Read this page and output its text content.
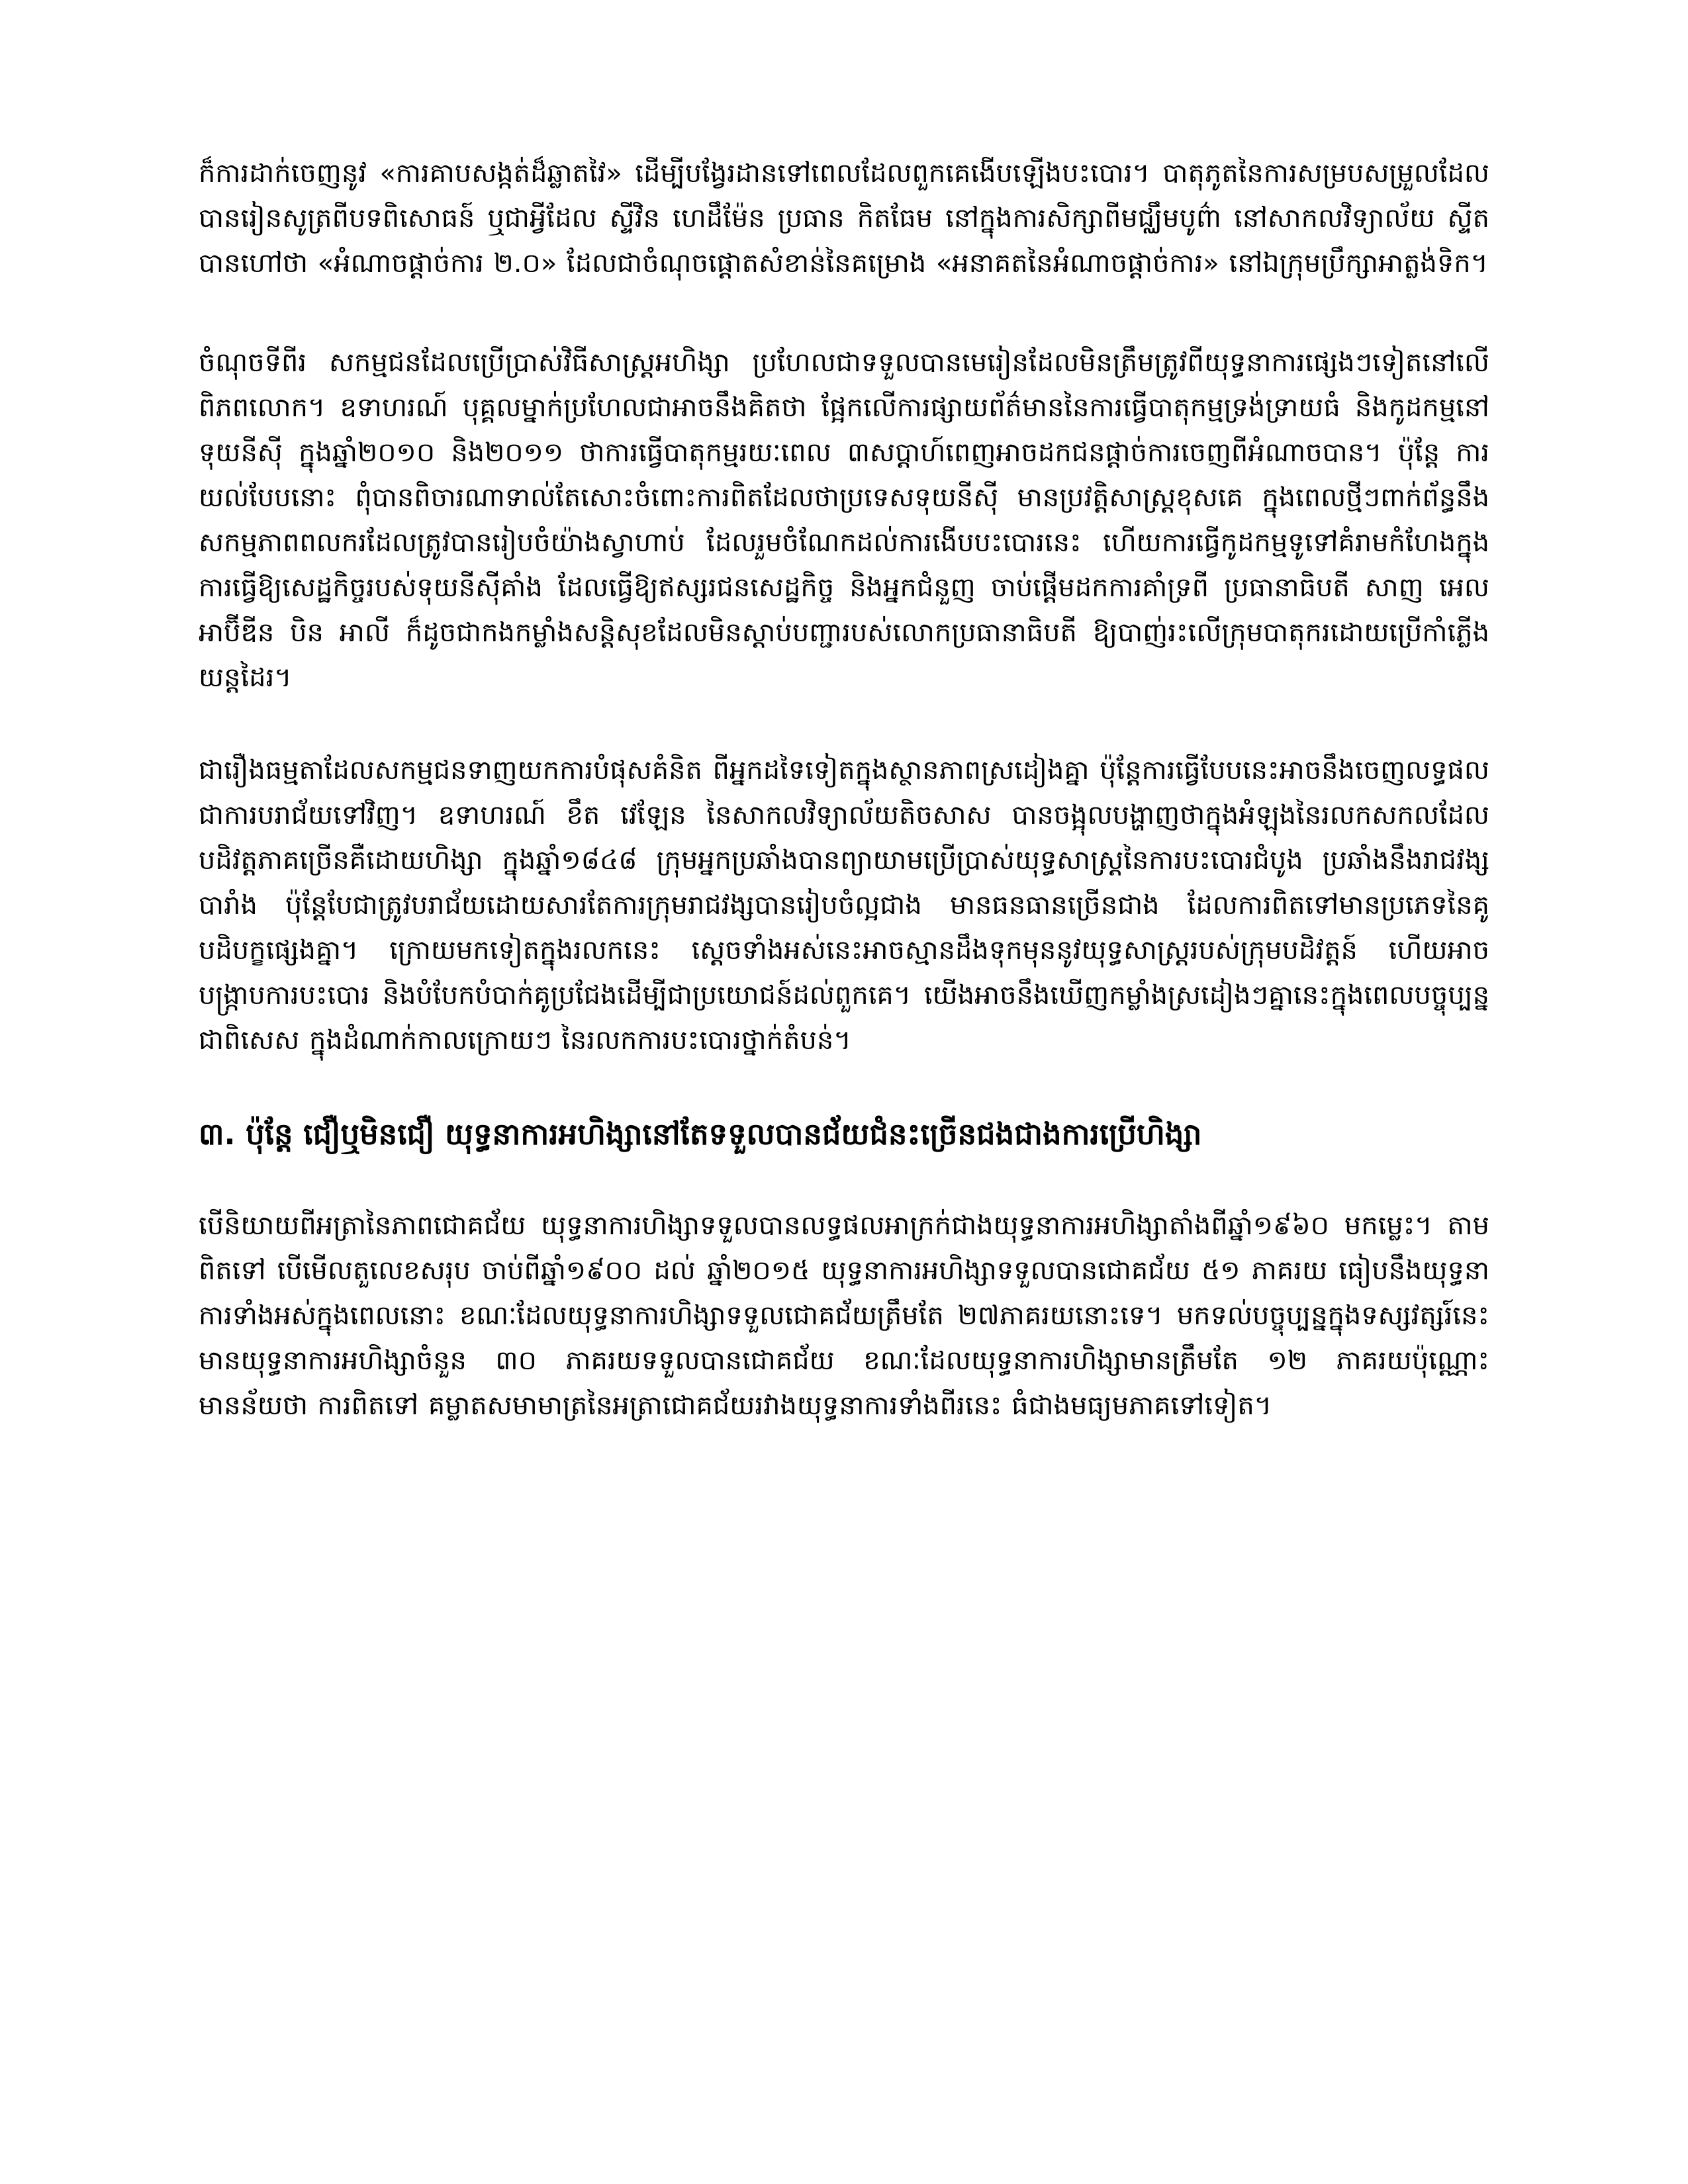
ក៏ការដាក់ចេញនូវ «ការគាបសង្កត់ដ៏ឆ្លាតវៃ» ដើម្បីបង្វែរដានទៅពេលដែលពួកគេងើបឡើងបះបោរ។ បាតុភូតនៃការសម្របសម្រួលដែលបានរៀនសូត្រពីបទពិសោធន៍ ឬជាអ្វីដែល ស្ទីវិន ហេដឹម៉ែន ប្រធាន កិតធែម នៅក្នុងការសិក្សាពីមជ្ឈឹមបូព៌ា នៅសាកលវិទ្យាល័យ ស្ទីត បានហៅថា «អំណាចផ្តាច់ការ ២.០» ដែលជាចំណុចផ្តោតសំខាន់នៃគម្រោង «អនាគតនៃអំណាចផ្តាច់ការ» នៅឯក្រុមប្រឹក្សាអាត្លង់ទិក។

ចំណុចទីពីរ សកម្មជនដែលប្រើប្រាស់វិធីសាស្ត្រអហិង្សា ប្រហែលជាទទួលបានមេរៀនដែលមិនត្រឹមត្រូវពីយុទ្ធនាការផ្សេងៗទៀតនៅលើពិភពលោក។ ឧទាហរណ៍ បុគ្គលម្នាក់ប្រហែលជាអាចនឹងគិតថា ផ្អែកលើការផ្សាយព័ត៌មាននៃការធ្វើបាតុកម្មទ្រង់ទ្រាយធំ និងកូដកម្មនៅ ទុយនីស៊ី ក្នុងឆ្នាំ២០១០ និង២០១១ ថាការធ្វើបាតុកម្មរយៈពេល ៣សប្តាហ៍ពេញអាចដកជនផ្តាច់ការចេញពីអំណាចបាន។ ប៉ុន្តែ ការយល់បែបនោះ ពុំបានពិចារណាទាល់តែសោះចំពោះការពិតដែលថាប្រទេសទុយនីស៊ី មានប្រវត្តិសាស្ត្រខុសគេ ក្នុងពេលថ្មីៗពាក់ព័ន្ធនឹងសកម្មភាពពលករដែលត្រូវបានរៀបចំយ៉ាងស្វាហាប់ ដែលរួមចំណែកដល់ការងើបបះបោរនេះ ហើយការធ្វើកូដកម្មទូទៅគំរាមកំហែងក្នុងការធ្វើឱ្យសេដ្ឋកិច្ចរបស់ទុយនីស៊ីគាំង ដែលធ្វើឱ្យឥស្សរជនសេដ្ឋកិច្ច និងអ្នកជំនួញ ចាប់ផ្តើមដកការគាំទ្រពី ប្រធានាធិបតី សាញ អេល អាប៊ីឌីន បិន អាលី ក៏ដូចជាកងកម្លាំងសន្តិសុខដែលមិនស្តាប់បញ្ជារបស់លោកប្រធានាធិបតី ឱ្យបាញ់រះលើក្រុមបាតុករដោយប្រើកាំភ្លើងយន្តដៃរ។

ជារឿងធម្មតាដែលសកម្មជនទាញយកការបំផុសគំនិត ពីអ្នកដទៃទៀតក្នុងស្ថានភាពស្រដៀងគ្នា ប៉ុន្តែការធ្វើបែបនេះអាចនឹងចេញលទ្ធផលជាការបរាជ័យទៅវិញ។ ឧទាហរណ៍ ខឹត វេឡែន នៃសាកលវិទ្យាល័យតិចសាស បានចង្អុលបង្ហាញថាក្នុងអំឡុងនៃរលកសកលដែលបដិវត្តភាគច្រើនគឺដោយហិង្សា ក្នុងឆ្នាំ១៨៤៨ ក្រុមអ្នកប្រឆាំងបានព្យាយាមប្រើប្រាស់យុទ្ធសាស្ត្រនៃការបះបោរជំបូង ប្រឆាំងនឹងរាជវង្សបារាំង ប៉ុន្តែបែជាត្រូវបរាជ័យដោយសារតែការក្រុមរាជវង្សបានរៀបចំល្អជាង មានធនធានច្រើនជាង ដែលការពិតទៅមានប្រភេទនៃគូបដិបក្ខផ្សេងគ្នា។ ក្រោយមកទៀតក្នុងរលកនេះ ស្តេចទាំងអស់នេះអាចស្មានដឹងទុកមុននូវយុទ្ធសាស្ត្ររបស់ក្រុមបដិវត្តន៍ ហើយអាចបង្ក្រាបការបះបោរ និងបំបែកបំបាក់គូប្រជែងដើម្បីជាប្រយោជន៍ដល់ពួកគេ។ យើងអាចនឹងឃើញកម្លាំងស្រដៀងៗគ្នានេះក្នុងពេលបច្ចុប្បន្ន ជាពិសេស ក្នុងដំណាក់កាលក្រោយៗ នៃរលកការបះបោរថ្នាក់តំបន់។

៣. ប៉ុន្តែ ជឿឬមិនជឿ យុទ្ធនាការអហិង្សានៅតែទទួលបានជ័យជំនះច្រើនជងជាងការប្រើហិង្សា

បើនិយាយពីអត្រានៃភាពជោគជ័យ យុទ្ធនាការហិង្សាទទួលបានលទ្ធផលអាក្រក់ជាងយុទ្ធនាការអហិង្សាតាំងពីឆ្នាំ១៩៦០ មកម្លេះ។ តាមពិតទៅ បើមើលតួលេខសរុប ចាប់ពីឆ្នាំ១៩០០ ដល់ ឆ្នាំ២០១៥ យុទ្ធនាការអហិង្សាទទួលបានជោគជ័យ ៥១ ភាគរយ ធៀបនឹងយុទ្ធនាការទាំងអស់ក្នុងពេលនោះ ខណៈដែលយុទ្ធនាការហិង្សាទទួលជោគជ័យត្រឹមតែ ២៧ភាគរយនោះទេ។ មកទល់បច្ចុប្បន្នក្នុងទស្សវត្សរ៍នេះ មានយុទ្ធនាការអហិង្សាចំនួន ៣០ ភាគរយទទួលបានជោគជ័យ ខណៈដែលយុទ្ធនាការហិង្សាមានត្រឹមតែ ១២ ភាគរយប៉ុណ្ណោះ មានន័យថា ការពិតទៅ គម្លាតសមាមាត្រនៃអត្រាជោគជ័យរវាងយុទ្ធនាការទាំងពីរនេះ ធំជាងមធ្យមភាគទៅទៀត។
